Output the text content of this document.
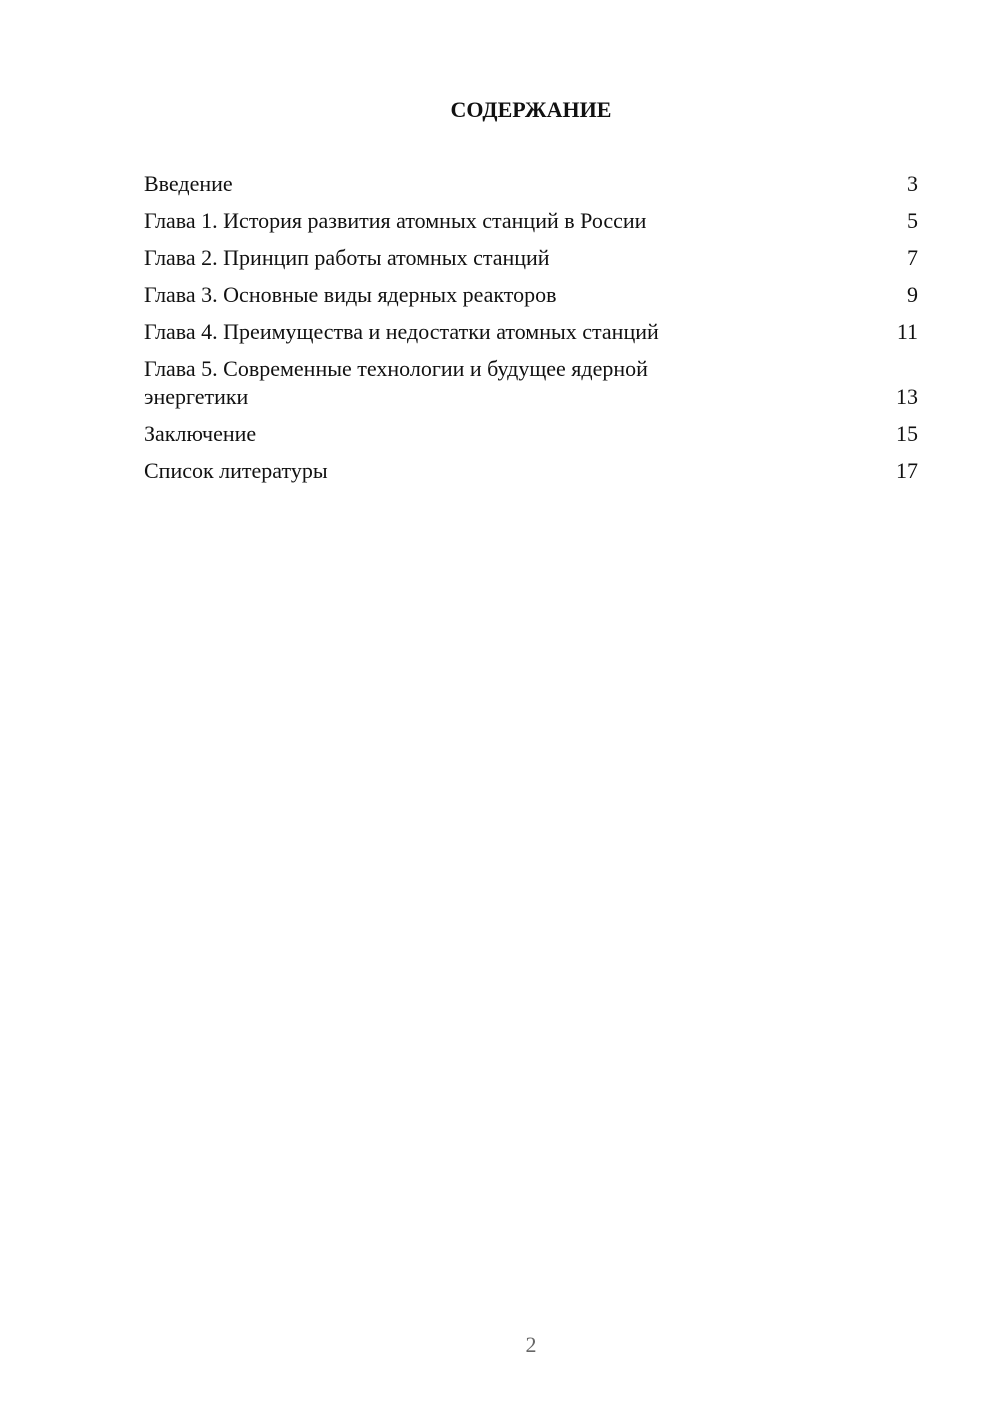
СОДЕРЖАНИЕ
Введение	3
Глава 1. История развития атомных станций в России	5
Глава 2. Принцип работы атомных станций	7
Глава 3. Основные виды ядерных реакторов	9
Глава 4. Преимущества и недостатки атомных станций	11
Глава 5. Современные технологии и будущее ядерной энергетики	13
Заключение	15
Список литературы	17
2
